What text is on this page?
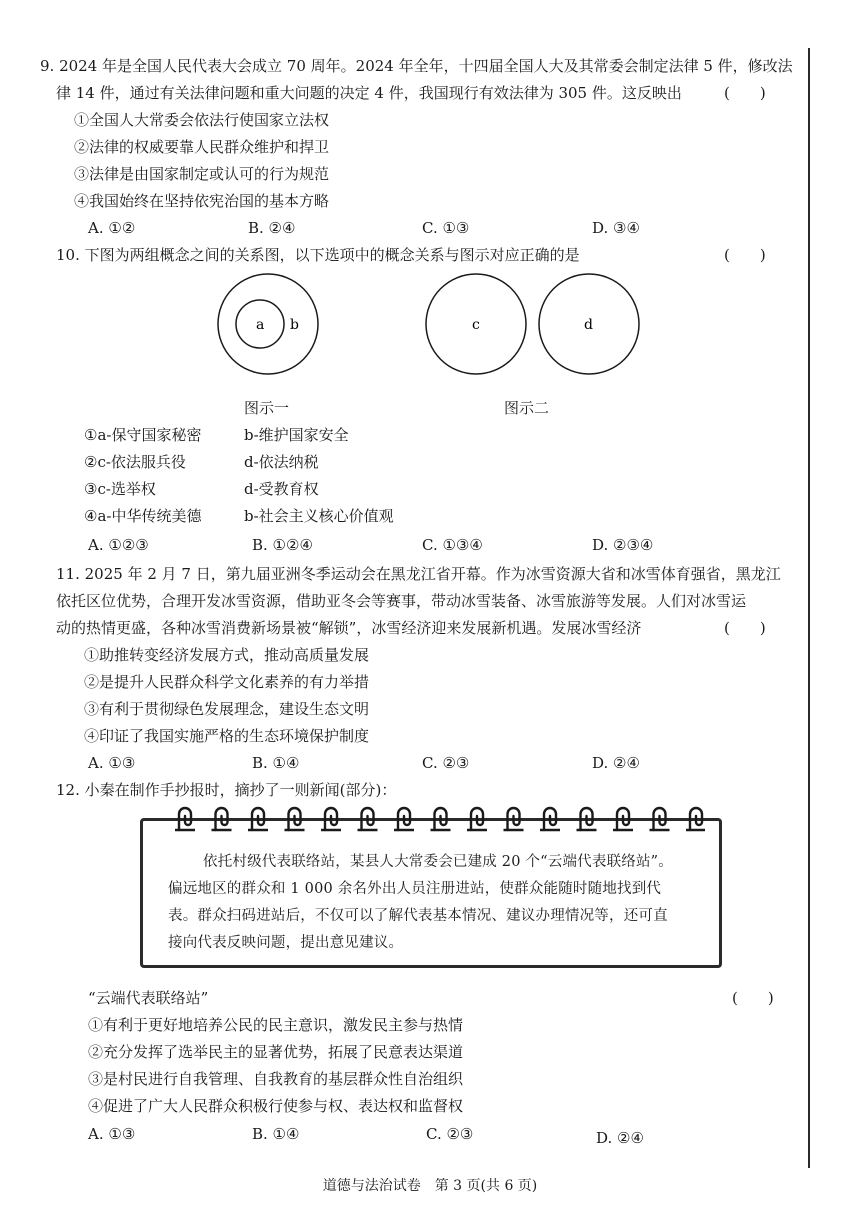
9. 2024 年是全国人民代表大会成立 70 周年。2024 年全年，十四届全国人大及其常委会制定法律 5 件，修改法
律 14 件，通过有关法律问题和重大问题的决定 4 件，我国现行有效法律为 305 件。这反映出	(　　)
①全国人大常委会依法行使国家立法权
②法律的权威要靠人民群众维护和捍卫
③法律是由国家制定或认可的行为规范
④我国始终在坚持依宪治国的基本方略
A. ①②	B. ②④	C. ①③	D. ③④
10. 下图为两组概念之间的关系图，以下选项中的概念关系与图示对应正确的是	(　　)
a b	c	d
图示一	图示二
①a-保守国家秘密	b-维护国家安全
②c-依法服兵役	d-依法纳税
③c-选举权	d-受教育权
④a-中华传统美德	b-社会主义核心价值观
A. ①②③	B. ①②④	C. ①③④	D. ②③④
11. 2025 年 2 月 7 日，第九届亚洲冬季运动会在黑龙江省开幕。作为冰雪资源大省和冰雪体育强省，黑龙江
依托区位优势，合理开发冰雪资源，借助亚冬会等赛事，带动冰雪装备、冰雪旅游等发展。人们对冰雪运
动的热情更盛，各种冰雪消费新场景被“解锁”，冰雪经济迎来发展新机遇。发展冰雪经济	(　　)
①助推转变经济发展方式，推动高质量发展
②是提升人民群众科学文化素养的有力举措
③有利于贯彻绿色发展理念，建设生态文明
④印证了我国实施严格的生态环境保护制度
A. ①③	B. ①④	C. ②③	D. ②④
12. 小秦在制作手抄报时，摘抄了一则新闻(部分)：
依托村级代表联络站，某县人大常委会已建成 20 个“云端代表联络站”。
偏远地区的群众和 1 000 余名外出人员注册进站，使群众能随时随地找到代
表。群众扫码进站后，不仅可以了解代表基本情况、建议办理情况等，还可直
接向代表反映问题，提出意见建议。
“云端代表联络站”	(　　)
①有利于更好地培养公民的民主意识，激发民主参与热情
②充分发挥了选举民主的显著优势，拓展了民意表达渠道
③是村民进行自我管理、自我教育的基层群众性自治组织
④促进了广大人民群众积极行使参与权、表达权和监督权
A. ①③	B. ①④	C. ②③	D. ②④
道德与法治试卷　第 3 页(共 6 页)
